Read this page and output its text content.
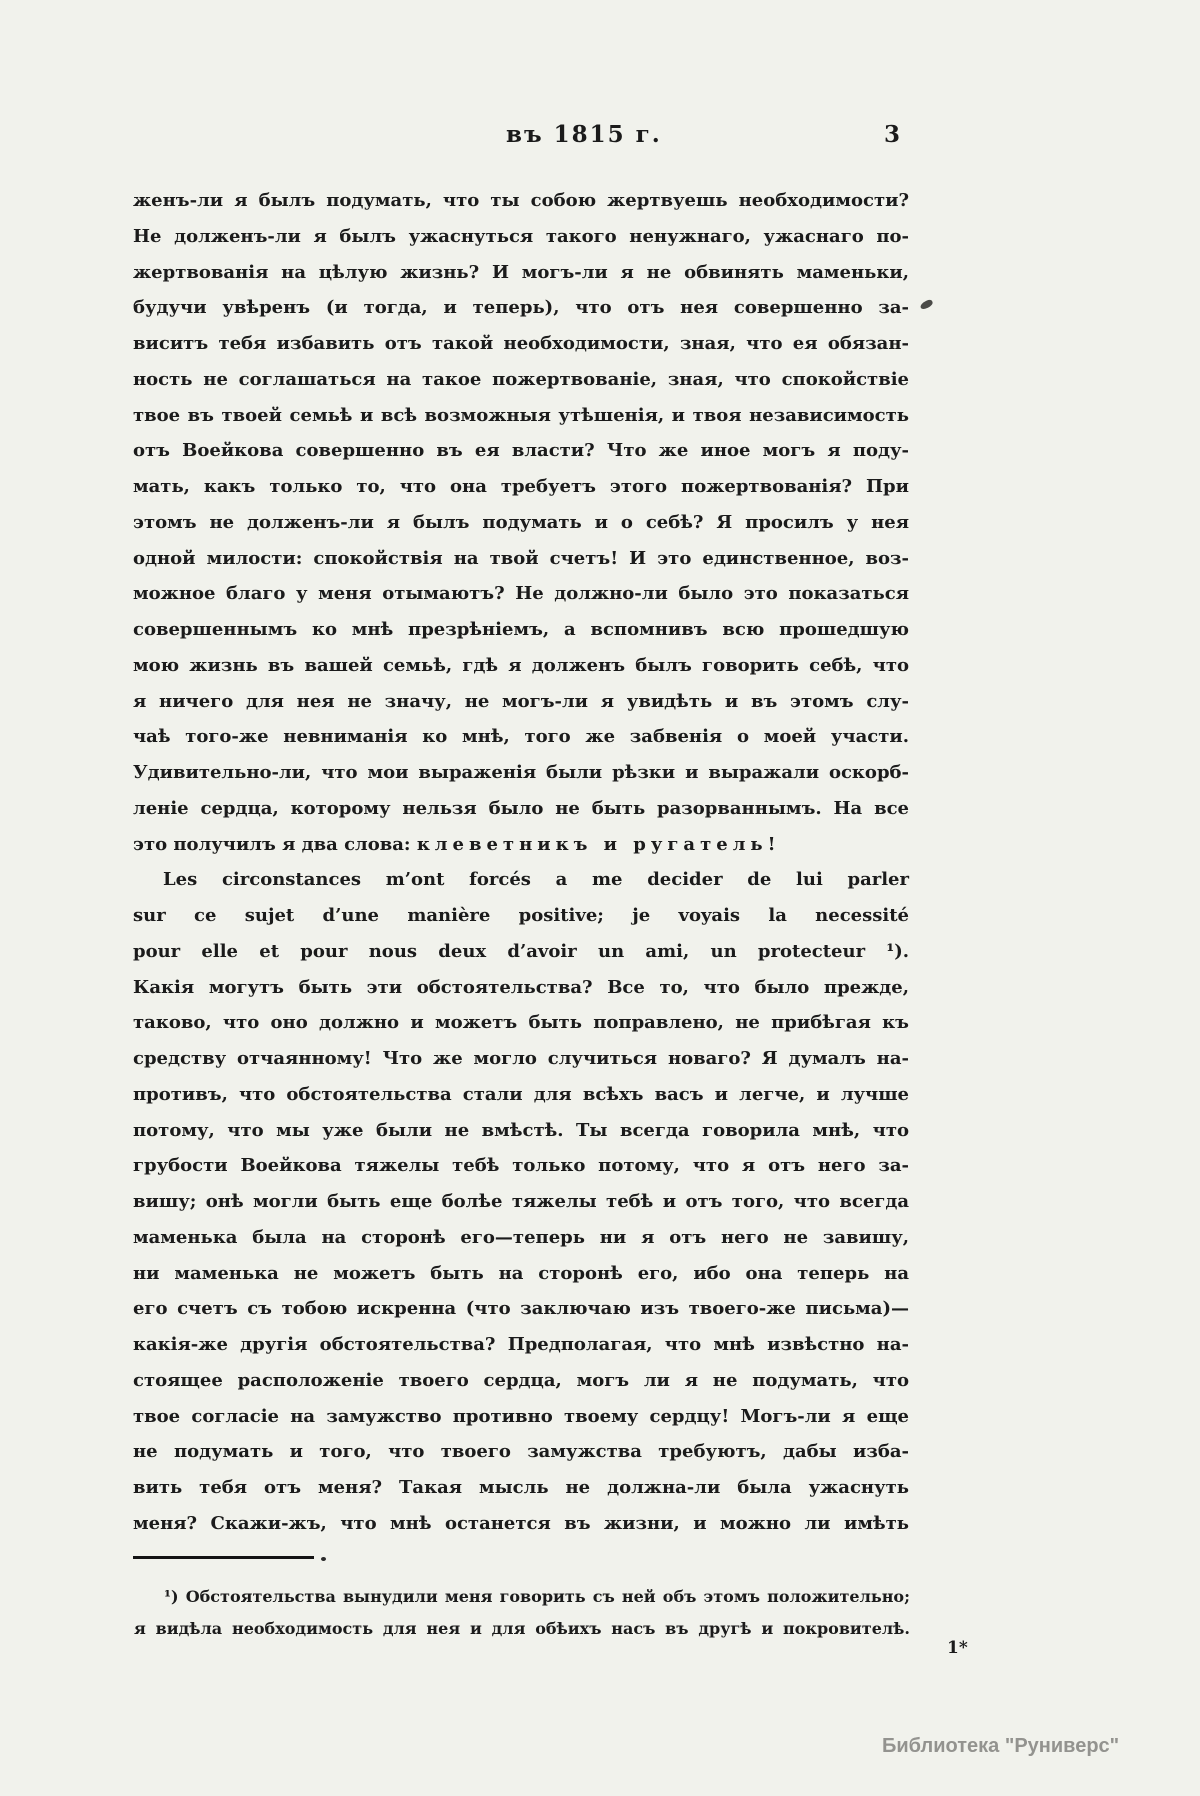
въ 1815 г.	3
женъ-ли я былъ подумать, что ты собою жертвуешь необходимости?
Не долженъ-ли я былъ ужаснуться такого ненужнаго, ужаснаго по-
жертвованія на цѣлую жизнь? И могъ-ли я не обвинять маменьки,
будучи увѣренъ (и тогда, и теперь), что отъ нея совершенно за-
виситъ тебя избавить отъ такой необходимости, зная, что ея обязан-
ность не соглашаться на такое пожертвованіе, зная, что спокойствіе
твое въ твоей семьѣ и всѣ возможныя утѣшенія, и твоя независимость
отъ Воейкова совершенно въ ея власти? Что же иное могъ я поду-
мать, какъ только то, что она требуетъ этого пожертвованія? При
этомъ не долженъ-ли я былъ подумать и о себѣ? Я просилъ у нея
одной милости: спокойствія на твой счетъ! И это единственное, воз-
можное благо у меня отымаютъ? Не должно-ли было это показаться
совершеннымъ ко мнѣ презрѣніемъ, а вспомнивъ всю прошедшую
мою жизнь въ вашей семьѣ, гдѣ я долженъ былъ говорить себѣ, что
я ничего для нея не значу, не могъ-ли я увидѣть и въ этомъ слу-
чаѣ того-же невниманія ко мнѣ, того же забвенія о моей участи.
Удивительно-ли, что мои выраженія были рѣзки и выражали оскорб-
леніе сердца, которому нельзя было не быть разорваннымъ. На все
это получилъ я два слова: клеветникъ и ругатель!
Les circonstances m’ont forcés a me decider de lui parler
sur ce sujet d’une manière positive; je voyais la necessité
pour elle et pour nous deux d’avoir un ami, un protecteur ¹).
Какія могутъ быть эти обстоятельства? Все то, что было прежде,
таково, что оно должно и можетъ быть поправлено, не прибѣгая къ
средству отчаянному! Что же могло случиться новаго? Я думалъ на-
противъ, что обстоятельства стали для всѣхъ васъ и легче, и лучше
потому, что мы уже были не вмѣстѣ. Ты всегда говорила мнѣ, что
грубости Воейкова тяжелы тебѣ только потому, что я отъ него за-
вишу; онѣ могли быть еще болѣе тяжелы тебѣ и отъ того, что всегда
маменька была на сторонѣ его—теперь ни я отъ него не завишу,
ни маменька не можетъ быть на сторонѣ его, ибо она теперь на
его счетъ съ тобою искренна (что заключаю изъ твоего-же письма)—
какія-же другія обстоятельства? Предполагая, что мнѣ извѣстно на-
стоящее расположеніе твоего сердца, могъ ли я не подумать, что
твое согласіе на замужство противно твоему сердцу! Могъ-ли я еще
не подумать и того, что твоего замужства требуютъ, дабы изба-
вить тебя отъ меня? Такая мысль не должна-ли была ужаснуть
меня? Скажи-жъ, что мнѣ останется въ жизни, и можно ли имѣть
¹) Обстоятельства вынудили меня говорить съ ней объ этомъ положительно;
я видѣла необходимость для нея и для обѣихъ насъ въ другѣ и покровителѣ.
1*
Библиотека "Руниверс"
